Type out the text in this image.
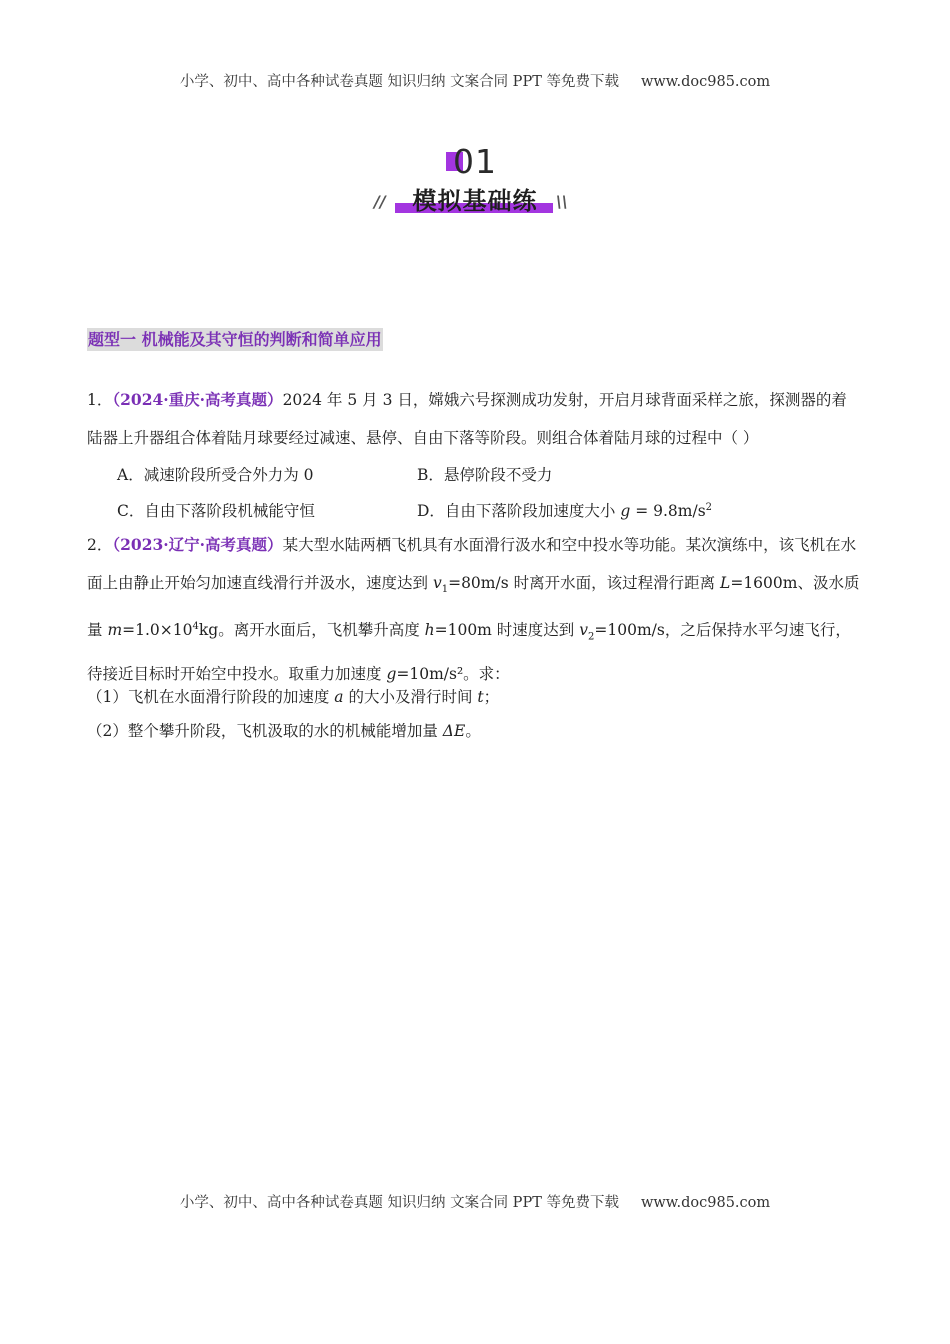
小学、初中、高中各种试卷真题 知识归纳 文案合同 PPT 等免费下载 www.doc985.com
01
模拟基础练
//	\\
题型一 机械能及其守恒的判断和简单应用
1．（2024·重庆·高考真题）2024 年 5 月 3 日，嫦娥六号探测成功发射，开启月球背面采样之旅，探测器的着陆器上升器组合体着陆月球要经过减速、悬停、自由下落等阶段。则组合体着陆月球的过程中（ ）
A．减速阶段所受合外力为 0	B．悬停阶段不受力
C．自由下落阶段机械能守恒	D．自由下落阶段加速度大小 $g = 9.8m/s^2$
2．（2023·辽宁·高考真题）某大型水陆两栖飞机具有水面滑行汲水和空中投水等功能。某次演练中，该飞机在水面上由静止开始匀加速直线滑行并汲水，速度达到 $v_1=80m/s$ 时离开水面，该过程滑行距离 L=1600m、汲水质量 $m=1.0\times 10^4kg$。离开水面后，飞机攀升高度 h=100m 时速度达到 $v_2=100m/s$，之后保持水平匀速飞行，待接近目标时开始空中投水。取重力加速度 g=10m/s²。求：
（1）飞机在水面滑行阶段的加速度 a 的大小及滑行时间 t；
（2）整个攀升阶段，飞机汲取的水的机械能增加量 ΔE。
小学、初中、高中各种试卷真题 知识归纳 文案合同 PPT 等免费下载 www.doc985.com
